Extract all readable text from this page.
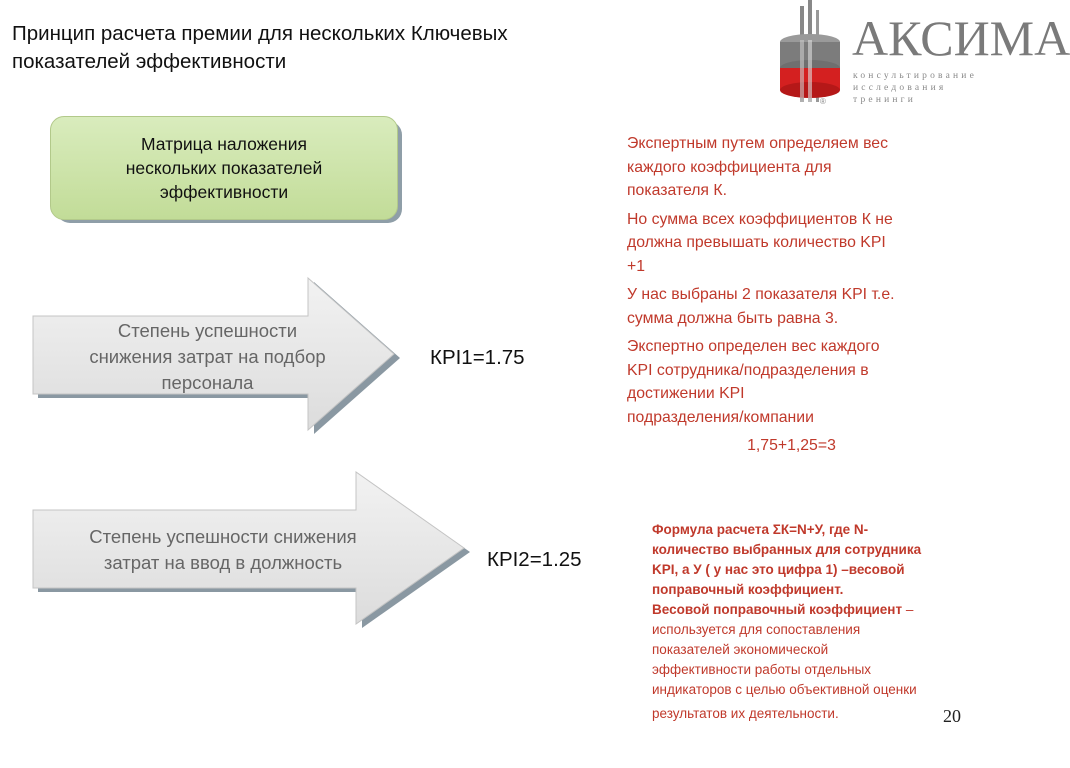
Принцип расчета премии для нескольких Ключевых
показателей эффективности
®
АКСИМА
консультирование
исследования
тренинги
Матрица наложения
нескольких показателей
эффективности
Степень успешности
снижения затрат на подбор
персонала
КPI1=1.75
Степень успешности снижения
затрат на ввод в должность	КPI2=1.25

Экспертным путем определяем вес
каждого коэффициента для
показателя К.

Но сумма всех коэффициентов К не
должна превышать количество KPI
+1

У нас выбраны 2 показателя KPI т.е.
сумма должна быть равна 3.

Экспертно определен вес каждого
KPI сотрудника/подразделения в
достижении KPI
подразделения/компании

1,75+1,25=3
Формула расчета ΣК=N+У, где N-
количество выбранных для сотрудника
KPI, а У ( у нас это цифра 1) –весовой
поправочный коэффициент.
Весовой поправочный коэффициент –
используется для сопоставления
показателей экономической
эффективности работы отдельных
индикаторов с целью объективной оценки
результатов их деятельности.	20
